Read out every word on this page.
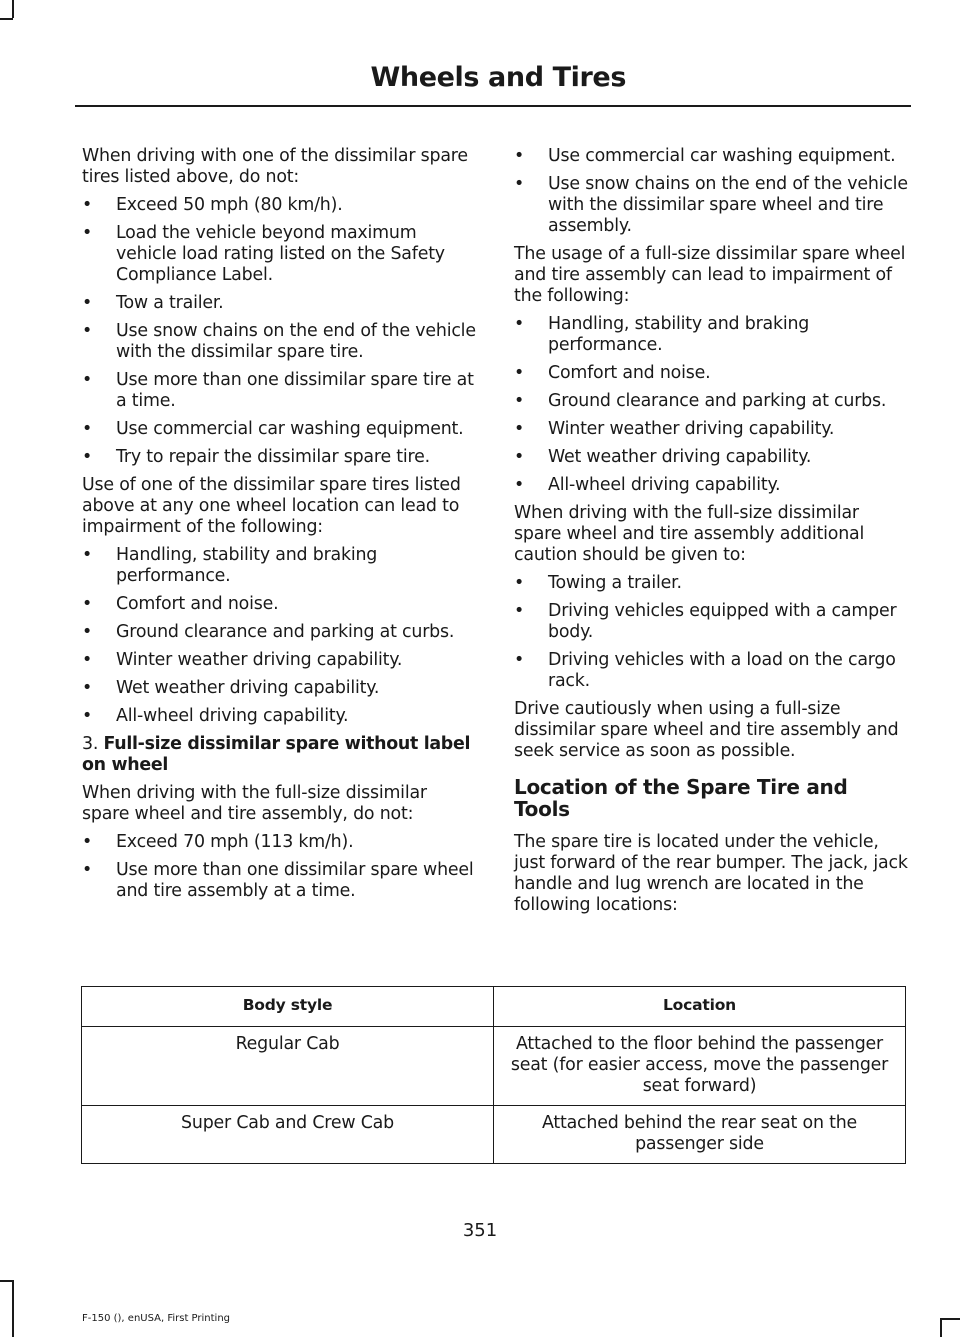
Wheels and Tires

When driving with one of the dissimilar spare tires listed above, do not:

• Exceed 50 mph (80 km/h).
• Load the vehicle beyond maximum vehicle load rating listed on the Safety Compliance Label.
• Tow a trailer.
• Use snow chains on the end of the vehicle with the dissimilar spare tire.
• Use more than one dissimilar spare tire at a time.
• Use commercial car washing equipment.
• Try to repair the dissimilar spare tire.

Use of one of the dissimilar spare tires listed above at any one wheel location can lead to impairment of the following:

• Handling, stability and braking performance.
• Comfort and noise.
• Ground clearance and parking at curbs.
• Winter weather driving capability.
• Wet weather driving capability.
• All-wheel driving capability.

3. Full-size dissimilar spare without label on wheel

When driving with the full-size dissimilar spare wheel and tire assembly, do not:

• Exceed 70 mph (113 km/h).
• Use more than one dissimilar spare wheel and tire assembly at a time.
• Use commercial car washing equipment.
• Use snow chains on the end of the vehicle with the dissimilar spare wheel and tire assembly.

The usage of a full-size dissimilar spare wheel and tire assembly can lead to impairment of the following:

• Handling, stability and braking performance.
• Comfort and noise.
• Ground clearance and parking at curbs.
• Winter weather driving capability.
• Wet weather driving capability.
• All-wheel driving capability.

When driving with the full-size dissimilar spare wheel and tire assembly additional caution should be given to:

• Towing a trailer.
• Driving vehicles equipped with a camper body.
• Driving vehicles with a load on the cargo rack.

Drive cautiously when using a full-size dissimilar spare wheel and tire assembly and seek service as soon as possible.

Location of the Spare Tire and Tools

The spare tire is located under the vehicle, just forward of the rear bumper. The jack, jack handle and lug wrench are located in the following locations:

Body style	Location
Regular Cab	Attached to the floor behind the passenger seat (for easier access, move the passenger seat forward)
Super Cab and Crew Cab	Attached behind the rear seat on the passenger side
351
F-150 (), enUSA, First Printing
